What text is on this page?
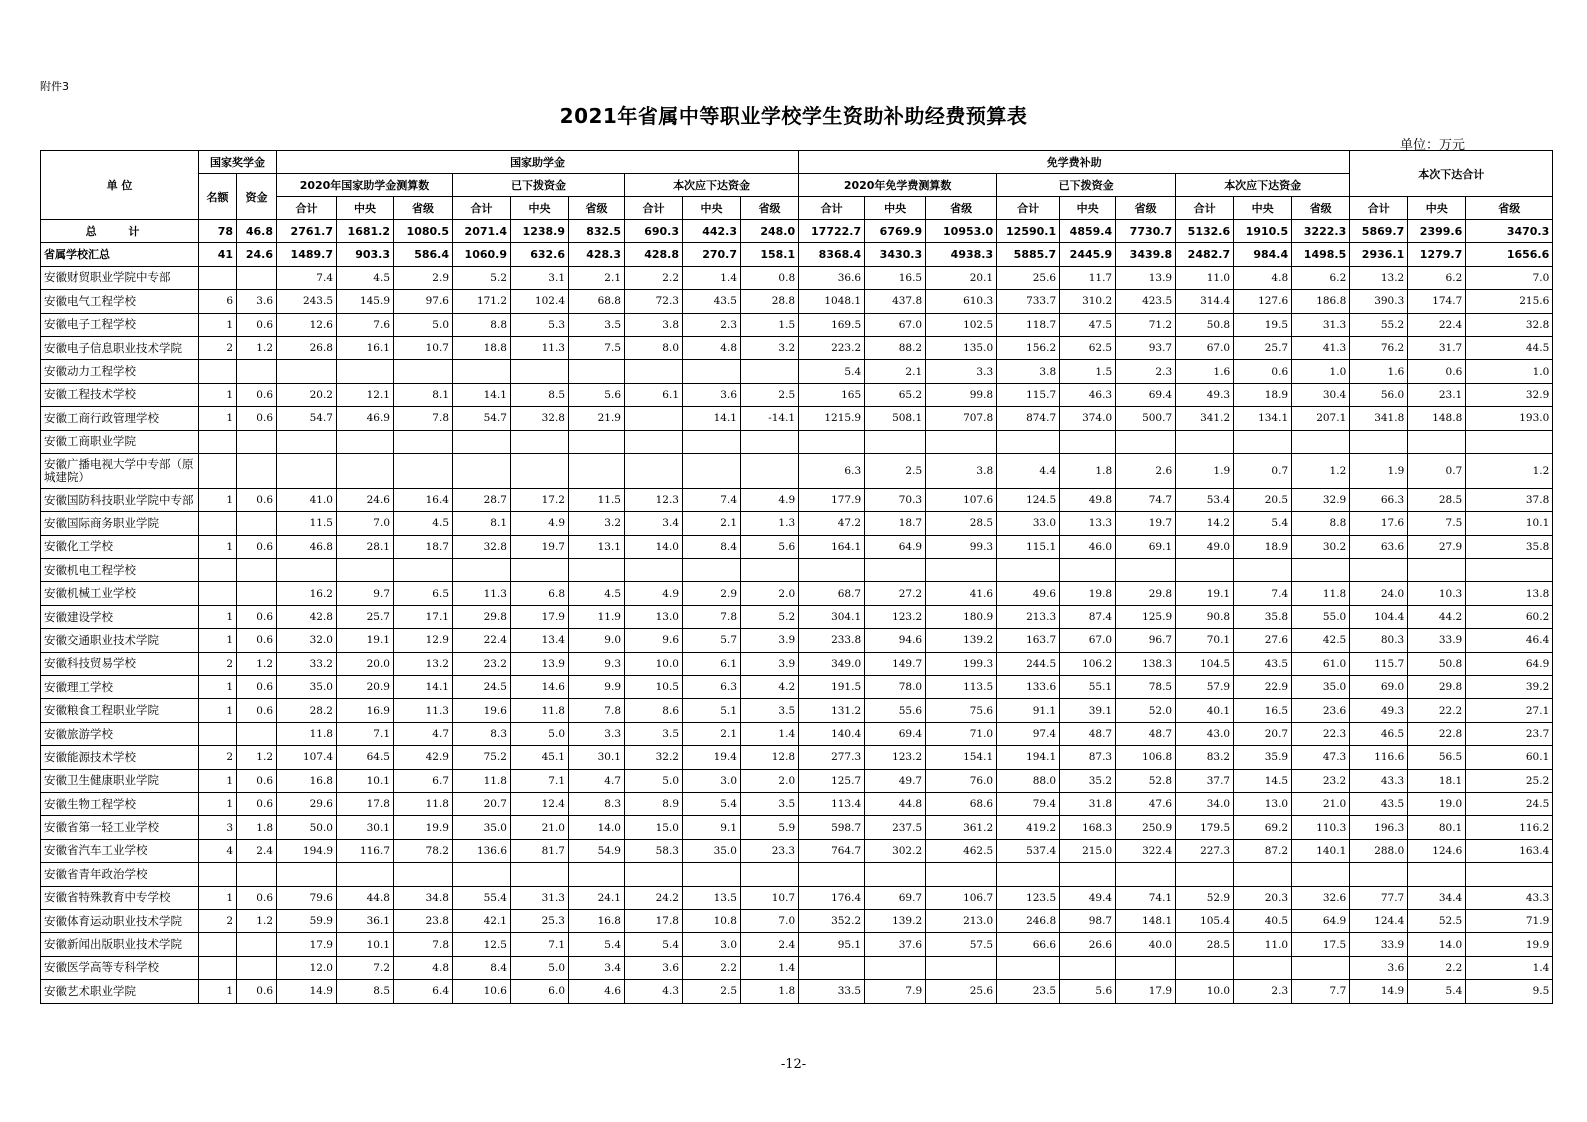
附件3
2021年省属中等职业学校学生资助补助经费预算表
单位：万元
单 位	国家奖学金		国家助学金									免学费补助									本次下达合计		
	名额	资金	2020年国家助学金测算数			已下拨资金			本次应下达资金			2020年免学费测算数			已下拨资金			本次应下达资金					
			合计	中央	省级	合计	中央	省级	合计	中央	省级	合计	中央	省级	合计	中央	省级	合计	中央	省级	合计	中央	省级
总 计	78	46.8	2761.7	1681.2	1080.5	2071.4	1238.9	832.5	690.3	442.3	248.0	17722.7	6769.9	10953.0	12590.1	4859.4	7730.7	5132.6	1910.5	3222.3	5869.7	2399.6	3470.3
省属学校汇总	41	24.6	1489.7	903.3	586.4	1060.9	632.6	428.3	428.8	270.7	158.1	8368.4	3430.3	4938.3	5885.7	2445.9	3439.8	2482.7	984.4	1498.5	2936.1	1279.7	1656.6
安徽财贸职业学院中专部			7.4	4.5	2.9	5.2	3.1	2.1	2.2	1.4	0.8	36.6	16.5	20.1	25.6	11.7	13.9	11.0	4.8	6.2	13.2	6.2	7.0
安徽电气工程学校	6	3.6	243.5	145.9	97.6	171.2	102.4	68.8	72.3	43.5	28.8	1048.1	437.8	610.3	733.7	310.2	423.5	314.4	127.6	186.8	390.3	174.7	215.6
安徽电子工程学校	1	0.6	12.6	7.6	5.0	8.8	5.3	3.5	3.8	2.3	1.5	169.5	67.0	102.5	118.7	47.5	71.2	50.8	19.5	31.3	55.2	22.4	32.8
安徽电子信息职业技术学院	2	1.2	26.8	16.1	10.7	18.8	11.3	7.5	8.0	4.8	3.2	223.2	88.2	135.0	156.2	62.5	93.7	67.0	25.7	41.3	76.2	31.7	44.5
安徽动力工程学校												5.4	2.1	3.3	3.8	1.5	2.3	1.6	0.6	1.0	1.6	0.6	1.0
安徽工程技术学校	1	0.6	20.2	12.1	8.1	14.1	8.5	5.6	6.1	3.6	2.5	165	65.2	99.8	115.7	46.3	69.4	49.3	18.9	30.4	56.0	23.1	32.9
安徽工商行政管理学校	1	0.6	54.7	46.9	7.8	54.7	32.8	21.9		14.1	-14.1	1215.9	508.1	707.8	874.7	374.0	500.7	341.2	134.1	207.1	341.8	148.8	193.0
安徽工商职业学院																							
安徽广播电视大学中专部（原城建院）												6.3	2.5	3.8	4.4	1.8	2.6	1.9	0.7	1.2	1.9	0.7	1.2
安徽国防科技职业学院中专部	1	0.6	41.0	24.6	16.4	28.7	17.2	11.5	12.3	7.4	4.9	177.9	70.3	107.6	124.5	49.8	74.7	53.4	20.5	32.9	66.3	28.5	37.8
安徽国际商务职业学院			11.5	7.0	4.5	8.1	4.9	3.2	3.4	2.1	1.3	47.2	18.7	28.5	33.0	13.3	19.7	14.2	5.4	8.8	17.6	7.5	10.1
安徽化工学校	1	0.6	46.8	28.1	18.7	32.8	19.7	13.1	14.0	8.4	5.6	164.1	64.9	99.3	115.1	46.0	69.1	49.0	18.9	30.2	63.6	27.9	35.8
安徽机电工程学校																							
安徽机械工业学校			16.2	9.7	6.5	11.3	6.8	4.5	4.9	2.9	2.0	68.7	27.2	41.6	49.6	19.8	29.8	19.1	7.4	11.8	24.0	10.3	13.8
安徽建设学校	1	0.6	42.8	25.7	17.1	29.8	17.9	11.9	13.0	7.8	5.2	304.1	123.2	180.9	213.3	87.4	125.9	90.8	35.8	55.0	104.4	44.2	60.2
安徽交通职业技术学院	1	0.6	32.0	19.1	12.9	22.4	13.4	9.0	9.6	5.7	3.9	233.8	94.6	139.2	163.7	67.0	96.7	70.1	27.6	42.5	80.3	33.9	46.4
安徽科技贸易学校	2	1.2	33.2	20.0	13.2	23.2	13.9	9.3	10.0	6.1	3.9	349.0	149.7	199.3	244.5	106.2	138.3	104.5	43.5	61.0	115.7	50.8	64.9
安徽理工学校	1	0.6	35.0	20.9	14.1	24.5	14.6	9.9	10.5	6.3	4.2	191.5	78.0	113.5	133.6	55.1	78.5	57.9	22.9	35.0	69.0	29.8	39.2
安徽粮食工程职业学院	1	0.6	28.2	16.9	11.3	19.6	11.8	7.8	8.6	5.1	3.5	131.2	55.6	75.6	91.1	39.1	52.0	40.1	16.5	23.6	49.3	22.2	27.1
安徽旅游学校			11.8	7.1	4.7	8.3	5.0	3.3	3.5	2.1	1.4	140.4	69.4	71.0	97.4	48.7	48.7	43.0	20.7	22.3	46.5	22.8	23.7
安徽能源技术学校	2	1.2	107.4	64.5	42.9	75.2	45.1	30.1	32.2	19.4	12.8	277.3	123.2	154.1	194.1	87.3	106.8	83.2	35.9	47.3	116.6	56.5	60.1
安徽卫生健康职业学院	1	0.6	16.8	10.1	6.7	11.8	7.1	4.7	5.0	3.0	2.0	125.7	49.7	76.0	88.0	35.2	52.8	37.7	14.5	23.2	43.3	18.1	25.2
安徽生物工程学校	1	0.6	29.6	17.8	11.8	20.7	12.4	8.3	8.9	5.4	3.5	113.4	44.8	68.6	79.4	31.8	47.6	34.0	13.0	21.0	43.5	19.0	24.5
安徽省第一轻工业学校	3	1.8	50.0	30.1	19.9	35.0	21.0	14.0	15.0	9.1	5.9	598.7	237.5	361.2	419.2	168.3	250.9	179.5	69.2	110.3	196.3	80.1	116.2
安徽省汽车工业学校	4	2.4	194.9	116.7	78.2	136.6	81.7	54.9	58.3	35.0	23.3	764.7	302.2	462.5	537.4	215.0	322.4	227.3	87.2	140.1	288.0	124.6	163.4
安徽省青年政治学校																							
安徽省特殊教育中专学校	1	0.6	79.6	44.8	34.8	55.4	31.3	24.1	24.2	13.5	10.7	176.4	69.7	106.7	123.5	49.4	74.1	52.9	20.3	32.6	77.7	34.4	43.3
安徽体育运动职业技术学院	2	1.2	59.9	36.1	23.8	42.1	25.3	16.8	17.8	10.8	7.0	352.2	139.2	213.0	246.8	98.7	148.1	105.4	40.5	64.9	124.4	52.5	71.9
安徽新闻出版职业技术学院			17.9	10.1	7.8	12.5	7.1	5.4	5.4	3.0	2.4	95.1	37.6	57.5	66.6	26.6	40.0	28.5	11.0	17.5	33.9	14.0	19.9
安徽医学高等专科学校			12.0	7.2	4.8	8.4	5.0	3.4	3.6	2.2	1.4										3.6	2.2	1.4
安徽艺术职业学院	1	0.6	14.9	8.5	6.4	10.6	6.0	4.6	4.3	2.5	1.8	33.5	7.9	25.6	23.5	5.6	17.9	10.0	2.3	7.7	14.9	5.4	9.5
-12-
